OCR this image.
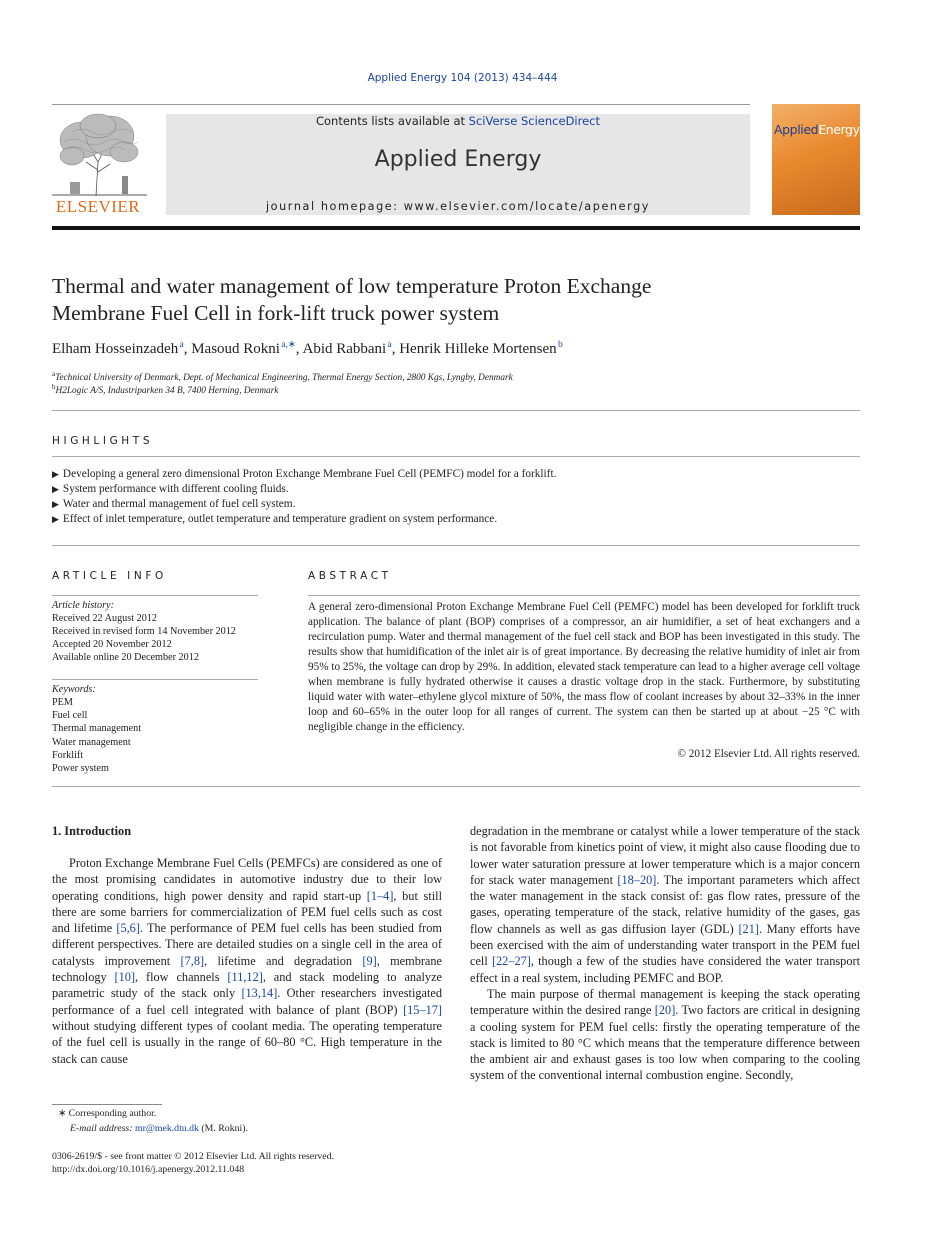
Applied Energy 104 (2013) 434–444
ELSEVIER
Contents lists available at SciVerse ScienceDirect
Applied Energy
journal homepage: www.elsevier.com/locate/apenergy
AppliedEnergy
Thermal and water management of low temperature Proton Exchange
Membrane Fuel Cell in fork-lift truck power system
Elham Hosseinzadeh $^a$, Masoud Rokni $^{a,∗}$, Abid Rabbani $^a$, Henrik Hilleke Mortensen $^b$
$^a$Technical University of Denmark, Dept. of Mechanical Engineering, Thermal Energy Section, 2800 Kgs, Lyngby, Denmark
$^b$H2Logic A/S, Industriparken 34 B, 7400 Herning, Denmark
HIGHLIGHTS
▶ Developing a general zero dimensional Proton Exchange Membrane Fuel Cell (PEMFC) model for a forklift.
▶ System performance with different cooling fluids.
▶ Water and thermal management of fuel cell system.
▶ Effect of inlet temperature, outlet temperature and temperature gradient on system performance.
ARTICLE INFO
Article history:
Received 22 August 2012
Received in revised form 14 November 2012
Accepted 20 November 2012
Available online 20 December 2012
Keywords:
PEM
Fuel cell
Thermal management
Water management
Forklift
Power system
ABSTRACT
A general zero-dimensional Proton Exchange Membrane Fuel Cell (PEMFC) model has been developed for forklift truck application. The balance of plant (BOP) comprises of a compressor, an air humidifier, a set of heat exchangers and a recirculation pump. Water and thermal management of the fuel cell stack and BOP has been investigated in this study. The results show that humidification of the inlet air is of great importance. By decreasing the relative humidity of inlet air from 95% to 25%, the voltage can drop by 29%. In addition, elevated stack temperature can lead to a higher average cell voltage when membrane is fully hydrated otherwise it causes a drastic voltage drop in the stack. Furthermore, by substituting liquid water with water–ethylene glycol mixture of 50%, the mass flow of coolant increases by about 32–33% in the inner loop and 60–65% in the outer loop for all ranges of current. The system can then be started up at about −25 °C with negligible change in the efficiency.
© 2012 Elsevier Ltd. All rights reserved.
1. Introduction

Proton Exchange Membrane Fuel Cells (PEMFCs) are considered as one of the most promising candidates in automotive industry due to their low operating conditions, high power density and rapid start-up [1–4], but still there are some barriers for commercialization of PEM fuel cells such as cost and lifetime [5,6]. The performance of PEM fuel cells has been studied from different perspectives. There are detailed studies on a single cell in the area of catalysts improvement [7,8], lifetime and degradation [9], membrane technology [10], flow channels [11,12], and stack modeling to analyze parametric study of the stack only [13,14]. Other researchers investigated performance of a fuel cell integrated with balance of plant (BOP) [15–17] without studying different types of coolant media. The operating temperature of the fuel cell is usually in the range of 60–80 °C. High temperature in the stack can cause

degradation in the membrane or catalyst while a lower temperature of the stack is not favorable from kinetics point of view, it might also cause flooding due to lower water saturation pressure at lower temperature which is a major concern for stack water management [18–20]. The important parameters which affect the water management in the stack consist of: gas flow rates, pressure of the gases, operating temperature of the stack, relative humidity of the gases, gas flow channels as well as gas diffusion layer (GDL) [21]. Many efforts have been exercised with the aim of understanding water transport in the PEM fuel cell [22–27], though a few of the studies have considered the water transport effect in a real system, including PEMFC and BOP.

The main purpose of thermal management is keeping the stack operating temperature within the desired range [20]. Two factors are critical in designing a cooling system for PEM fuel cells: firstly the operating temperature of the stack is limited to 80 °C which means that the temperature difference between the ambient air and exhaust gases is too low when comparing to the cooling system of the conventional internal combustion engine. Secondly,

∗ Corresponding author.
E-mail address: mr@mek.dtu.dk (M. Rokni).
0306-2619/$ - see front matter © 2012 Elsevier Ltd. All rights reserved.
http://dx.doi.org/10.1016/j.apenergy.2012.11.048
